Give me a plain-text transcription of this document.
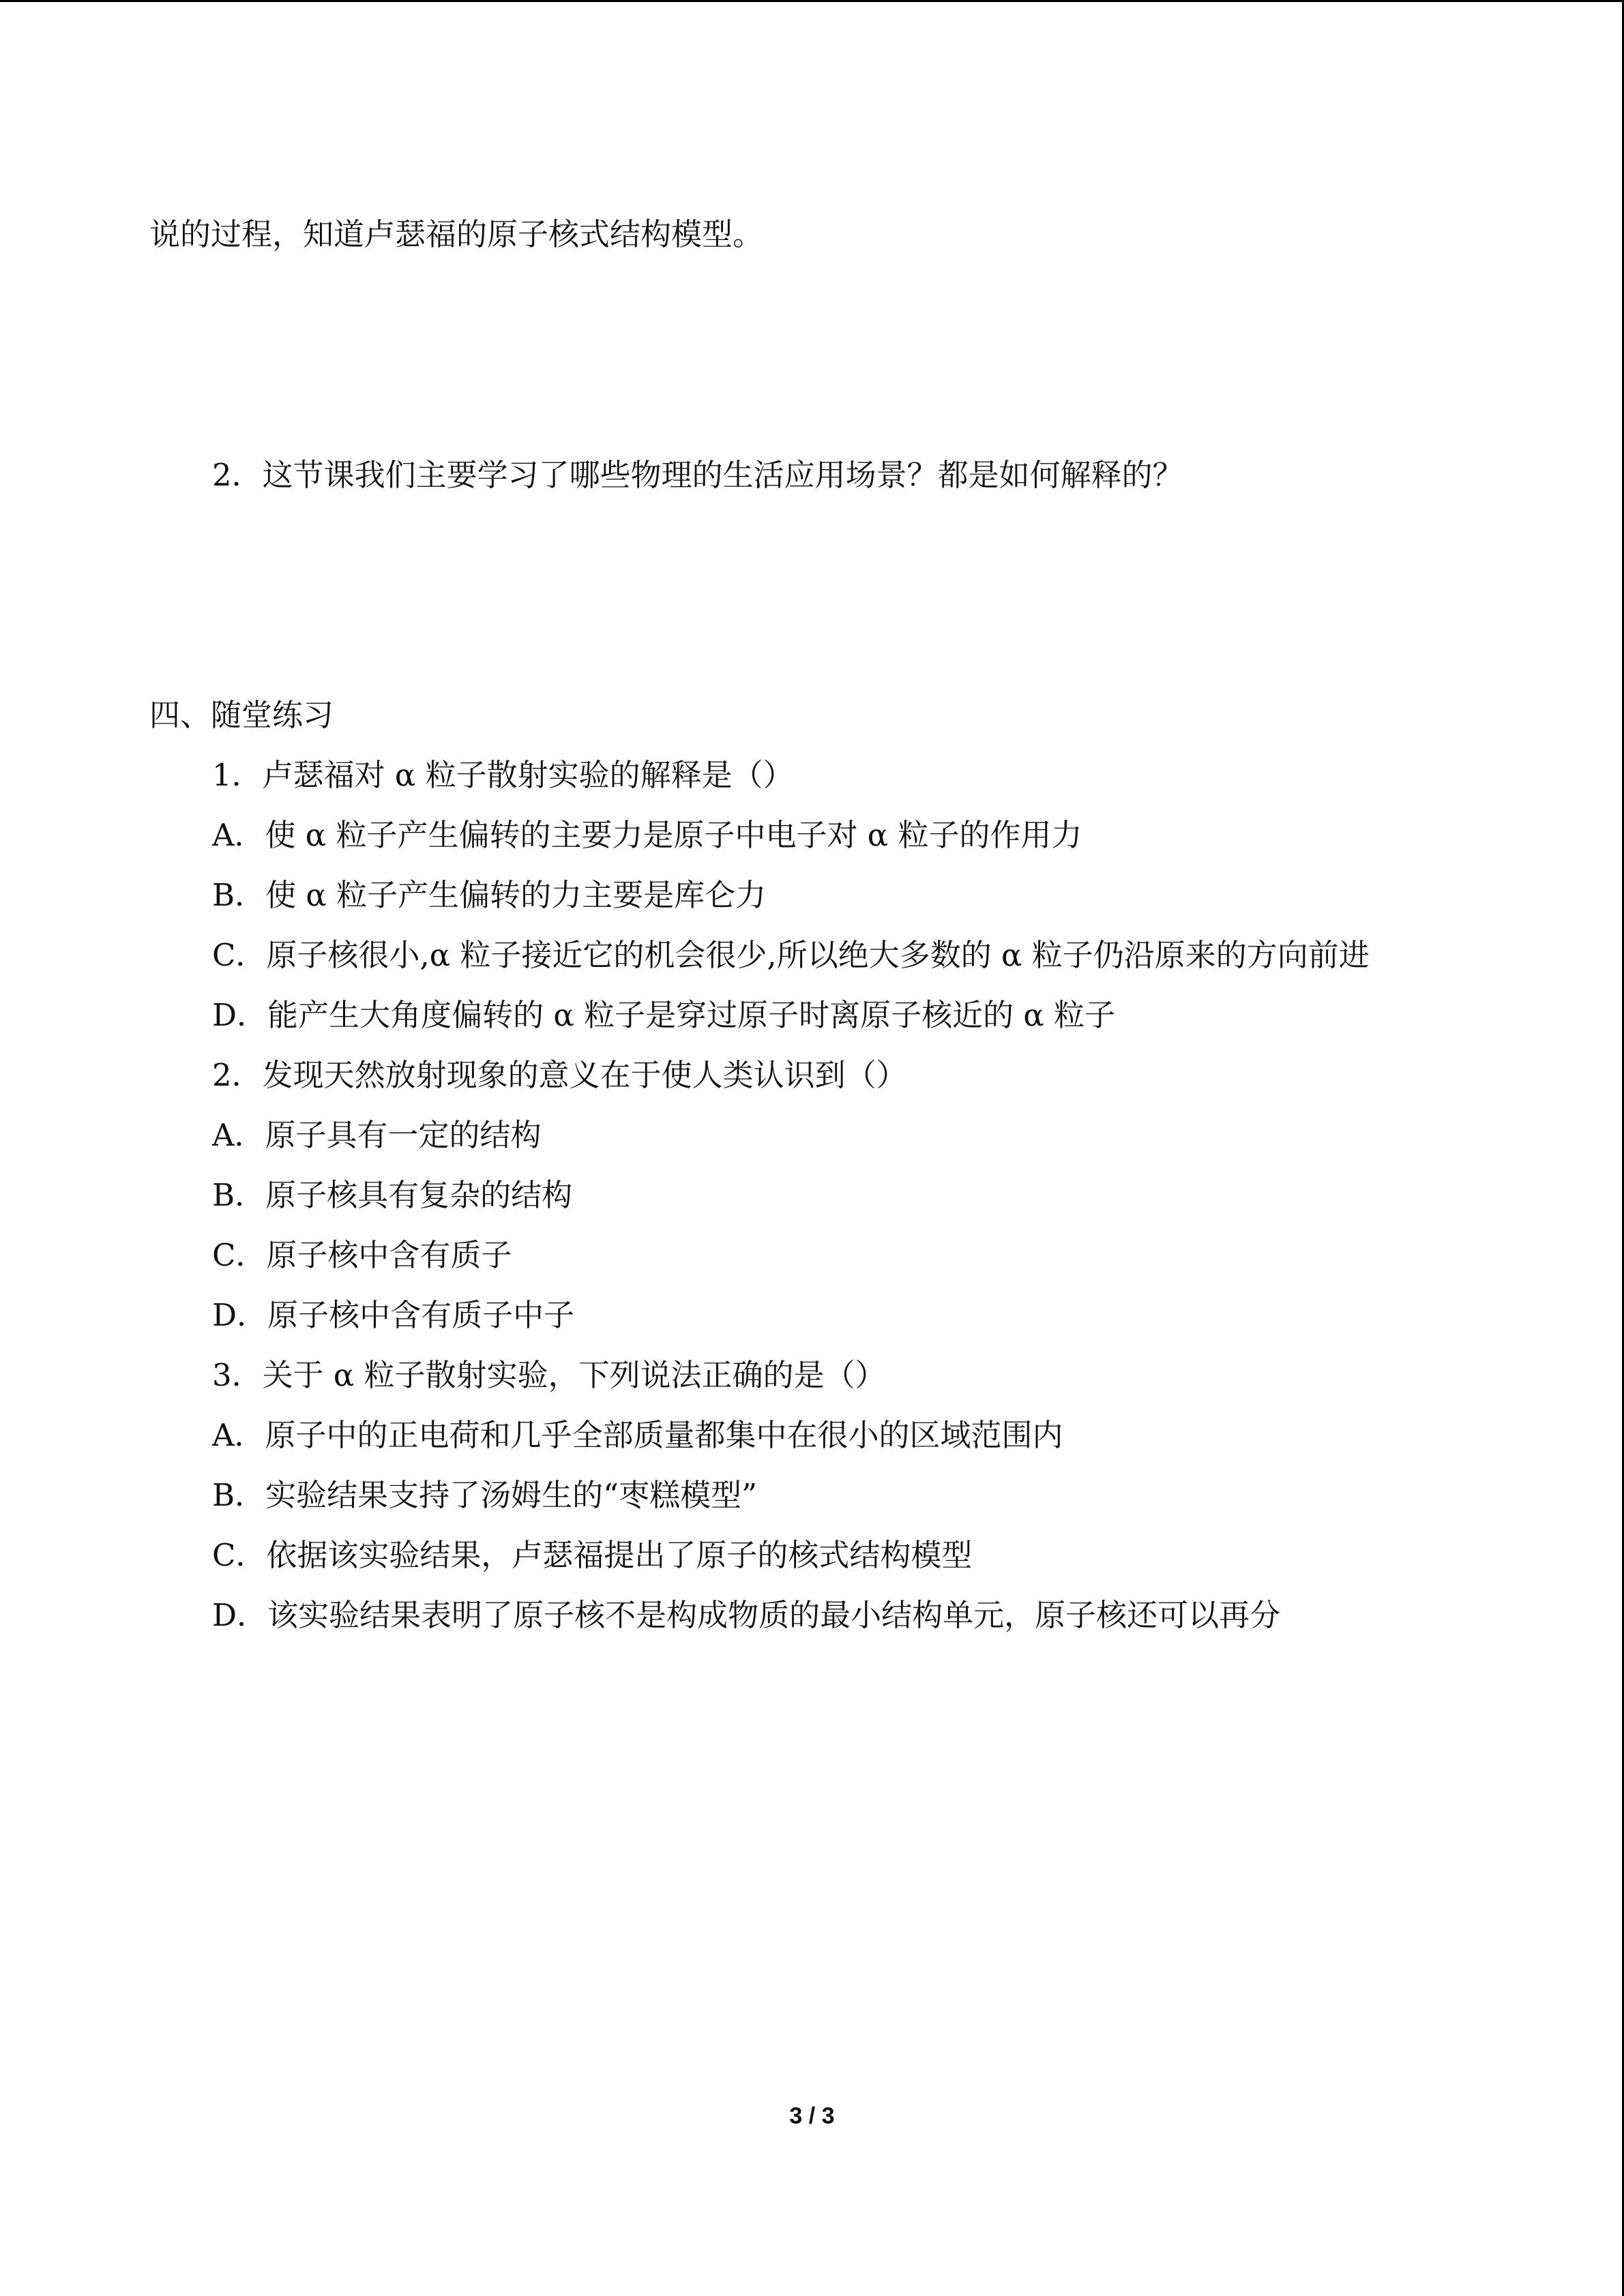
说的过程，知道卢瑟福的原子核式结构模型。
2．这节课我们主要学习了哪些物理的生活应用场景？都是如何解释的？
四、随堂练习
1．卢瑟福对 α 粒子散射实验的解释是（）
A．使 α 粒子产生偏转的主要力是原子中电子对 α 粒子的作用力
B．使 α 粒子产生偏转的力主要是库仑力
C．原子核很小,α 粒子接近它的机会很少,所以绝大多数的 α 粒子仍沿原来的方向前进
D．能产生大角度偏转的 α 粒子是穿过原子时离原子核近的 α 粒子
2．发现天然放射现象的意义在于使人类认识到（）
A．原子具有一定的结构
B．原子核具有复杂的结构
C．原子核中含有质子
D．原子核中含有质子中子
3．关于 α 粒子散射实验，下列说法正确的是（）
A．原子中的正电荷和几乎全部质量都集中在很小的区域范围内
B．实验结果支持了汤姆生的“枣糕模型”
C．依据该实验结果，卢瑟福提出了原子的核式结构模型
D．该实验结果表明了原子核不是构成物质的最小结构单元，原子核还可以再分
3 / 3
